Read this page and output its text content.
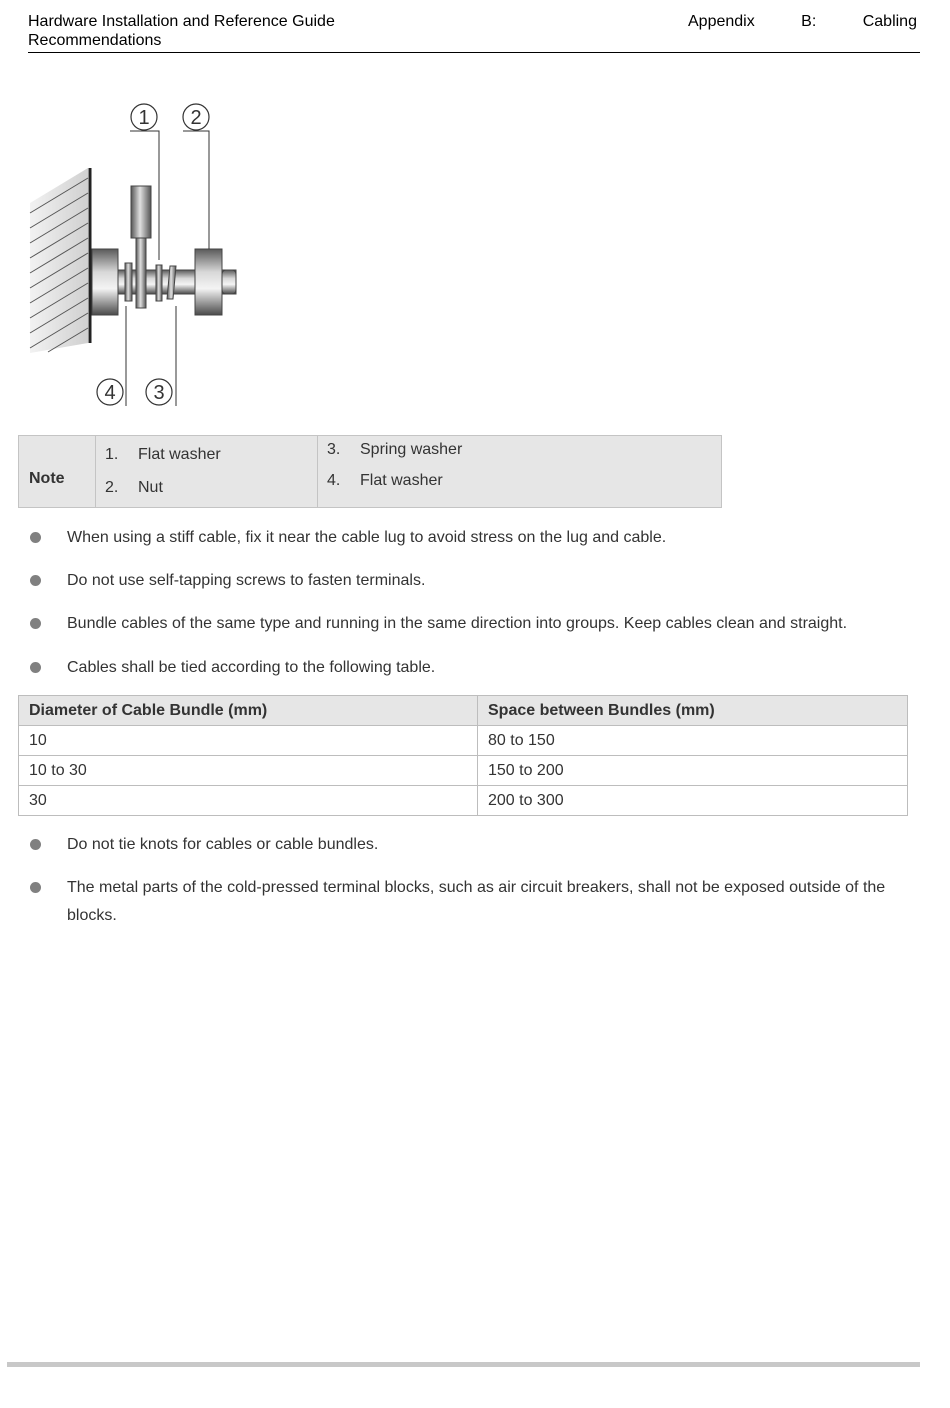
Hardware Installation and Reference Guide	Appendix	B:	Cabling
Recommendations
1 2
3
4
Note
1. Flat washer
2. Nut
3. Spring washer
4. Flat washer
When using a stiff cable, fix it near the cable lug to avoid stress on the lug and cable.
Do not use self-tapping screws to fasten terminals.
Bundle cables of the same type and running in the same direction into groups. Keep cables clean and straight.
Cables shall be tied according to the following table.
Diameter of Cable Bundle (mm)	Space between Bundles (mm)
10	80 to 150
10 to 30	150 to 200
30	200 to 300
Do not tie knots for cables or cable bundles.
The metal parts of the cold-pressed terminal blocks, such as air circuit breakers, shall not be exposed outside of the blocks.
